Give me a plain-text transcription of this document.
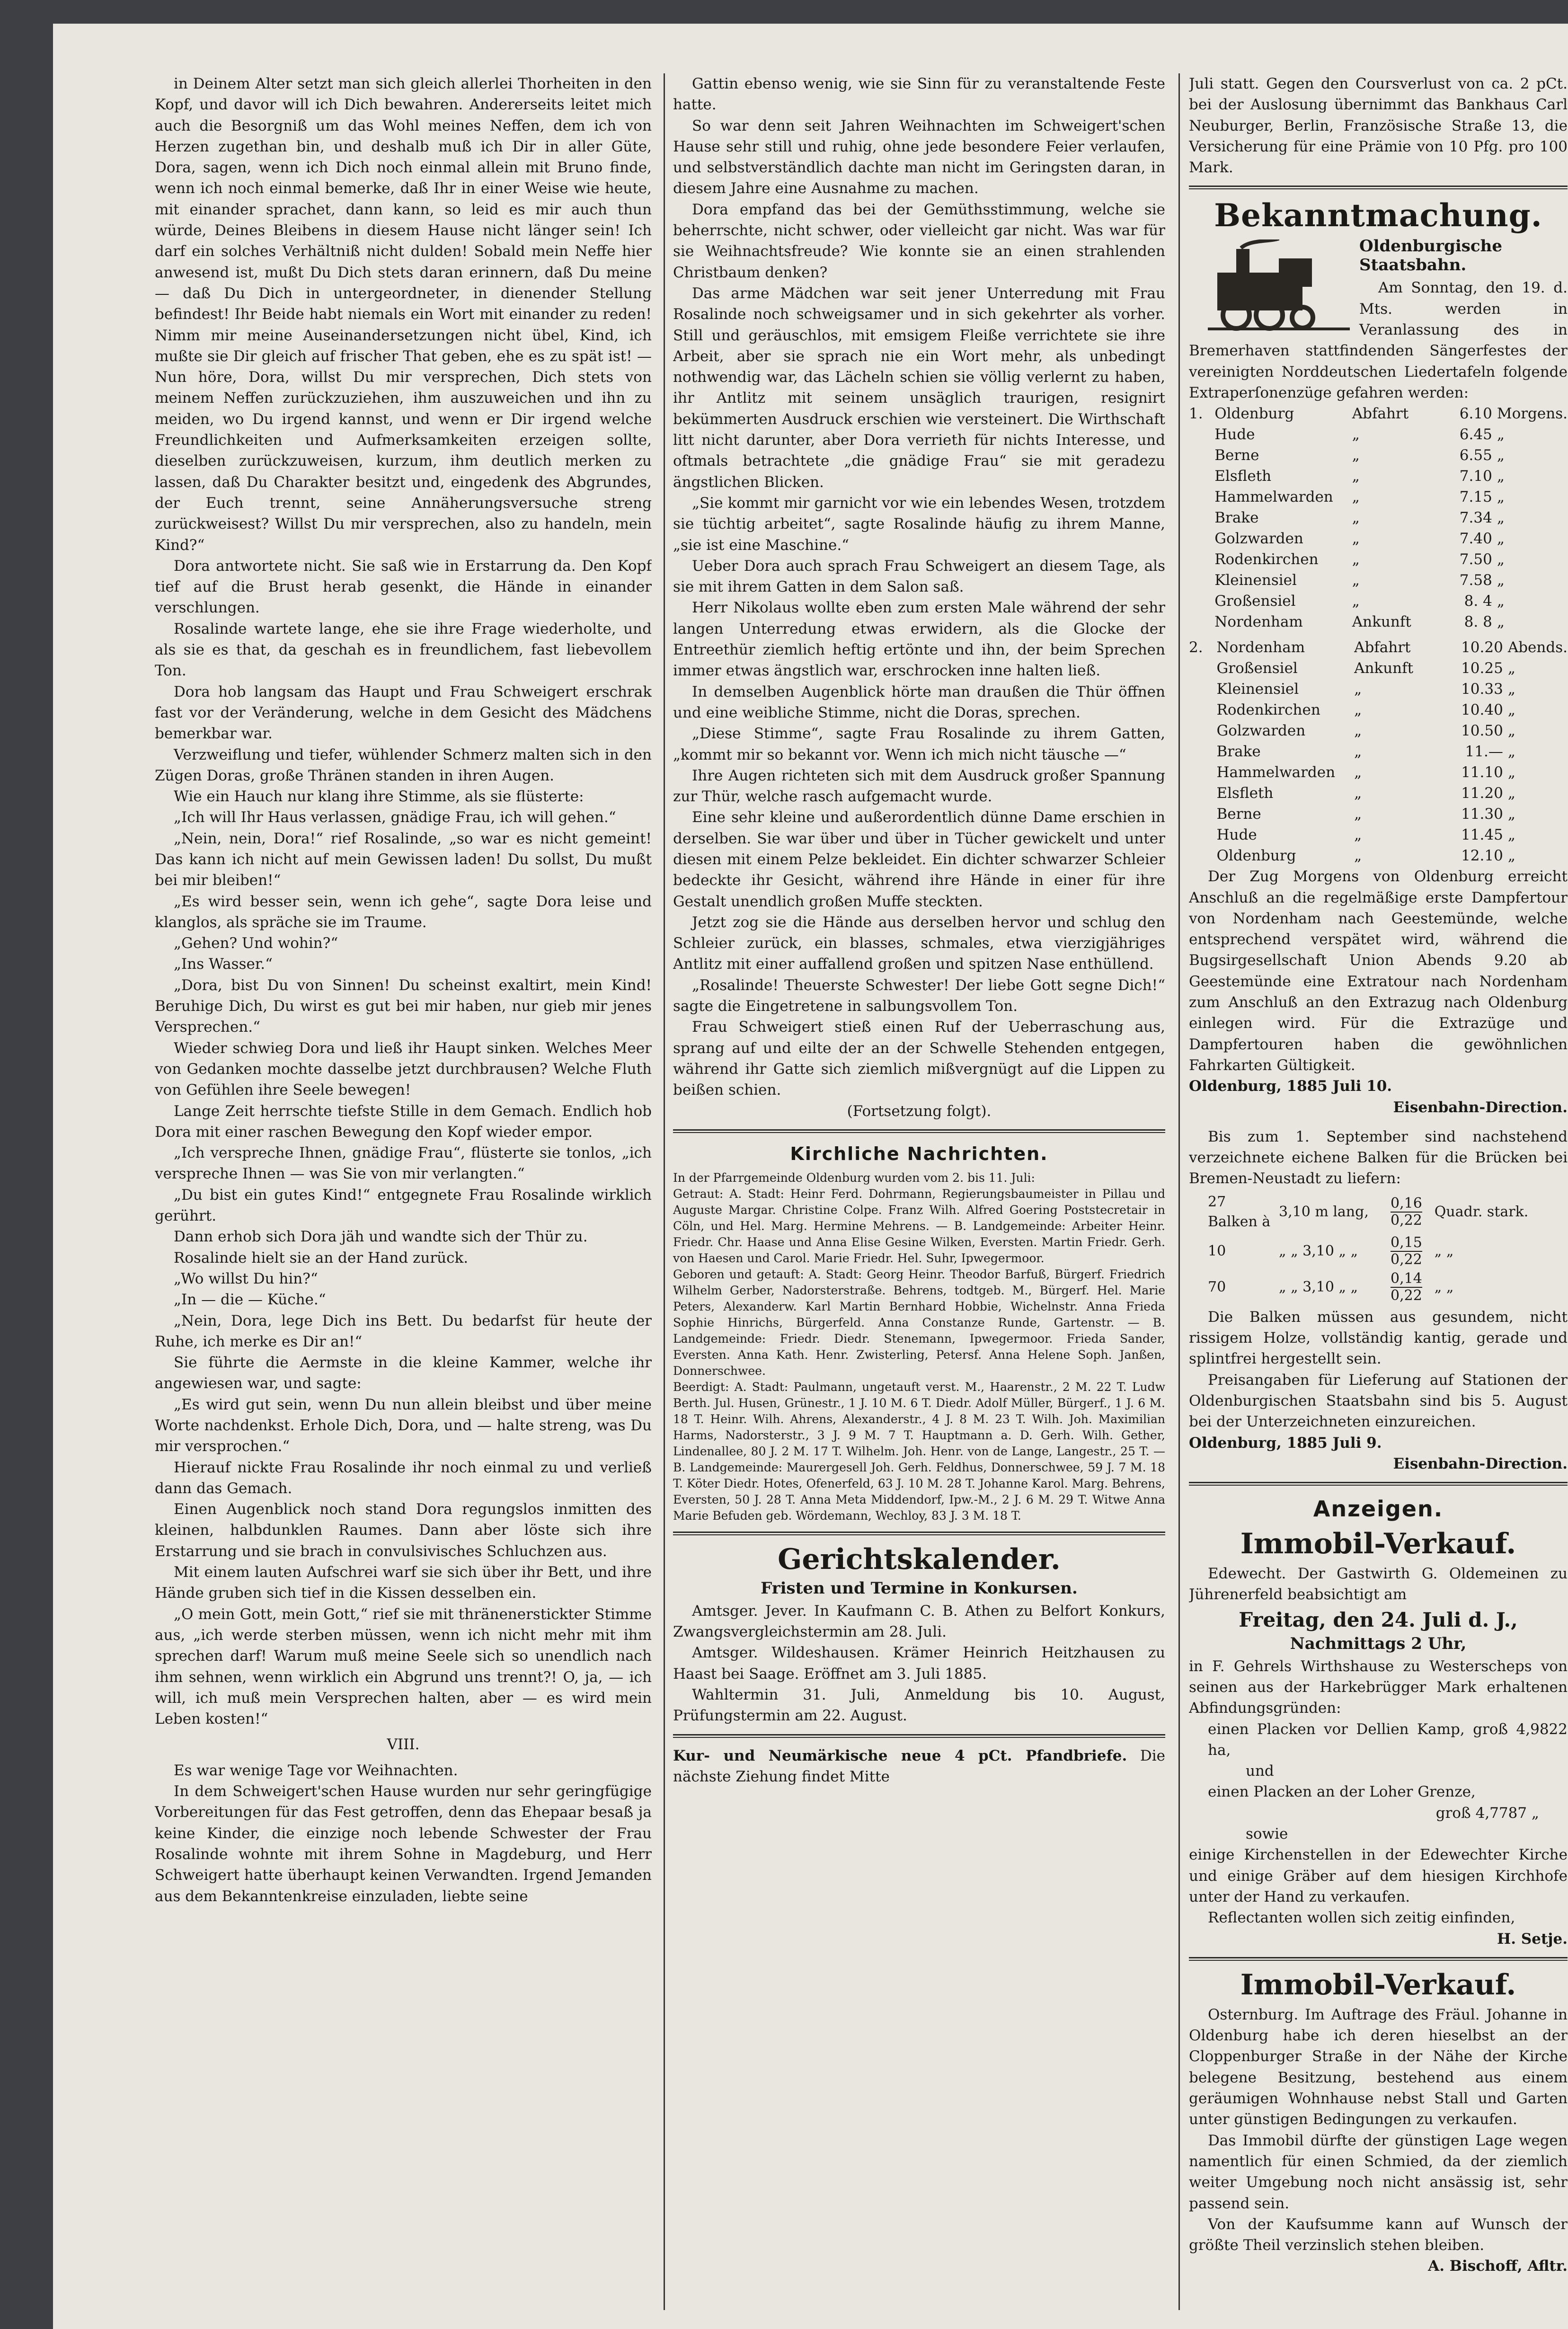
in Deinem Alter setzt man sich gleich allerlei Thorheiten in den Kopf, und davor will ich Dich bewahren. Andererseits leitet mich auch die Besorgniß um das Wohl meines Neffen, dem ich von Herzen zugethan bin, und deshalb muß ich Dir in aller Güte, Dora, sagen, wenn ich Dich noch einmal allein mit Bruno finde, wenn ich noch einmal bemerke, daß Ihr in einer Weise wie heute, mit einander sprachet, dann kann, so leid es mir auch thun würde, Deines Bleibens in diesem Hause nicht länger sein! Ich darf ein solches Verhältniß nicht dulden! Sobald mein Neffe hier anwesend ist, mußt Du Dich stets daran erinnern, daß Du meine — daß Du Dich in untergeordneter, in dienender Stellung befindest! Ihr Beide habt niemals ein Wort mit einander zu reden! Nimm mir meine Auseinandersetzungen nicht übel, Kind, ich mußte sie Dir gleich auf frischer That geben, ehe es zu spät ist! — Nun höre, Dora, willst Du mir versprechen, Dich stets von meinem Neffen zurückzuziehen, ihm auszuweichen und ihn zu meiden, wo Du irgend kannst, und wenn er Dir irgend welche Freundlichkeiten und Aufmerksamkeiten erzeigen sollte, dieselben zurückzuweisen, kurzum, ihm deutlich merken zu lassen, daß Du Charakter besitzt und, eingedenk des Abgrundes, der Euch trennt, seine Annäherungsversuche streng zurückweisest? Willst Du mir versprechen, also zu handeln, mein Kind?“

Dora antwortete nicht. Sie saß wie in Erstarrung da. Den Kopf tief auf die Brust herab gesenkt, die Hände in einander verschlungen.

Rosalinde wartete lange, ehe sie ihre Frage wiederholte, und als sie es that, da geschah es in freundlichem, fast liebevollem Ton.

Dora hob langsam das Haupt und Frau Schweigert erschrak fast vor der Veränderung, welche in dem Gesicht des Mädchens bemerkbar war.

Verzweiflung und tiefer, wühlender Schmerz malten sich in den Zügen Doras, große Thränen standen in ihren Augen.

Wie ein Hauch nur klang ihre Stimme, als sie flüsterte:

„Ich will Ihr Haus verlassen, gnädige Frau, ich will gehen.“

„Nein, nein, Dora!“ rief Rosalinde, „so war es nicht gemeint! Das kann ich nicht auf mein Gewissen laden! Du sollst, Du mußt bei mir bleiben!“

„Es wird besser sein, wenn ich gehe“, sagte Dora leise und klanglos, als spräche sie im Traume.

„Gehen? Und wohin?“

„Ins Wasser.“

„Dora, bist Du von Sinnen! Du scheinst exaltirt, mein Kind! Beruhige Dich, Du wirst es gut bei mir haben, nur gieb mir jenes Versprechen.“

Wieder schwieg Dora und ließ ihr Haupt sinken. Welches Meer von Gedanken mochte dasselbe jetzt durchbrausen? Welche Fluth von Gefühlen ihre Seele bewegen!

Lange Zeit herrschte tiefste Stille in dem Gemach. Endlich hob Dora mit einer raschen Bewegung den Kopf wieder empor.

„Ich verspreche Ihnen, gnädige Frau“, flüsterte sie tonlos, „ich verspreche Ihnen — was Sie von mir verlangten.“

„Du bist ein gutes Kind!“ entgegnete Frau Rosalinde wirklich gerührt.

Dann erhob sich Dora jäh und wandte sich der Thür zu.

Rosalinde hielt sie an der Hand zurück.

„Wo willst Du hin?“

„In — die — Küche.“

„Nein, Dora, lege Dich ins Bett. Du bedarfst für heute der Ruhe, ich merke es Dir an!“

Sie führte die Aermste in die kleine Kammer, welche ihr angewiesen war, und sagte:

„Es wird gut sein, wenn Du nun allein bleibst und über meine Worte nachdenkst. Erhole Dich, Dora, und — halte streng, was Du mir versprochen.“

Hierauf nickte Frau Rosalinde ihr noch einmal zu und verließ dann das Gemach.

Einen Augenblick noch stand Dora regungslos inmitten des kleinen, halbdunklen Raumes. Dann aber löste sich ihre Erstarrung und sie brach in convulsivisches Schluchzen aus.

Mit einem lauten Aufschrei warf sie sich über ihr Bett, und ihre Hände gruben sich tief in die Kissen desselben ein.

„O mein Gott, mein Gott,“ rief sie mit thränenerstickter Stimme aus, „ich werde sterben müssen, wenn ich nicht mehr mit ihm sprechen darf! Warum muß meine Seele sich so unendlich nach ihm sehnen, wenn wirklich ein Abgrund uns trennt?! O, ja, — ich will, ich muß mein Versprechen halten, aber — es wird mein Leben kosten!“

VIII.

Es war wenige Tage vor Weihnachten.

In dem Schweigert'schen Hause wurden nur sehr geringfügige Vorbereitungen für das Fest getroffen, denn das Ehepaar besaß ja keine Kinder, die einzige noch lebende Schwester der Frau Rosalinde wohnte mit ihrem Sohne in Magdeburg, und Herr Schweigert hatte überhaupt keinen Verwandten. Irgend Jemanden aus dem Bekanntenkreise einzuladen, liebte seine

Gattin ebenso wenig, wie sie Sinn für zu veranstaltende Feste hatte.

So war denn seit Jahren Weihnachten im Schweigert'schen Hause sehr still und ruhig, ohne jede besondere Feier verlaufen, und selbstverständlich dachte man nicht im Geringsten daran, in diesem Jahre eine Ausnahme zu machen.

Dora empfand das bei der Gemüthsstimmung, welche sie beherrschte, nicht schwer, oder vielleicht gar nicht. Was war für sie Weihnachtsfreude? Wie konnte sie an einen strahlenden Christbaum denken?

Das arme Mädchen war seit jener Unterredung mit Frau Rosalinde noch schweigsamer und in sich gekehrter als vorher. Still und geräuschlos, mit emsigem Fleiße verrichtete sie ihre Arbeit, aber sie sprach nie ein Wort mehr, als unbedingt nothwendig war, das Lächeln schien sie völlig verlernt zu haben, ihr Antlitz mit seinem unsäglich traurigen, resignirt bekümmerten Ausdruck erschien wie versteinert. Die Wirthschaft litt nicht darunter, aber Dora verrieth für nichts Interesse, und oftmals betrachtete „die gnädige Frau“ sie mit geradezu ängstlichen Blicken.

„Sie kommt mir garnicht vor wie ein lebendes Wesen, trotzdem sie tüchtig arbeitet“, sagte Rosalinde häufig zu ihrem Manne, „sie ist eine Maschine.“

Ueber Dora auch sprach Frau Schweigert an diesem Tage, als sie mit ihrem Gatten in dem Salon saß.

Herr Nikolaus wollte eben zum ersten Male während der sehr langen Unterredung etwas erwidern, als die Glocke der Entreethür ziemlich heftig ertönte und ihn, der beim Sprechen immer etwas ängstlich war, erschrocken inne halten ließ.

In demselben Augenblick hörte man draußen die Thür öffnen und eine weibliche Stimme, nicht die Doras, sprechen.

„Diese Stimme“, sagte Frau Rosalinde zu ihrem Gatten, „kommt mir so bekannt vor. Wenn ich mich nicht täusche —“

Ihre Augen richteten sich mit dem Ausdruck großer Spannung zur Thür, welche rasch aufgemacht wurde.

Eine sehr kleine und außerordentlich dünne Dame erschien in derselben. Sie war über und über in Tücher gewickelt und unter diesen mit einem Pelze bekleidet. Ein dichter schwarzer Schleier bedeckte ihr Gesicht, während ihre Hände in einer für ihre Gestalt unendlich großen Muffe steckten.

Jetzt zog sie die Hände aus derselben hervor und schlug den Schleier zurück, ein blasses, schmales, etwa vierzigjähriges Antlitz mit einer auffallend großen und spitzen Nase enthüllend.

„Rosalinde! Theuerste Schwester! Der liebe Gott segne Dich!“ sagte die Eingetretene in salbungsvollem Ton.

Frau Schweigert stieß einen Ruf der Ueberraschung aus, sprang auf und eilte der an der Schwelle Stehenden entgegen, während ihr Gatte sich ziemlich mißvergnügt auf die Lippen zu beißen schien.

(Fortsetzung folgt).

Kirchliche Nachrichten.

In der Pfarrgemeinde Oldenburg wurden vom 2. bis 11. Juli:

Getraut: A. Stadt: Heinr Ferd. Dohrmann, Regierungsbaumeister in Pillau und Auguste Margar. Christine Colpe. Franz Wilh. Alfred Goering Poststecretair in Cöln, und Hel. Marg. Hermine Mehrens. — B. Landgemeinde: Arbeiter Heinr. Friedr. Chr. Haase und Anna Elise Gesine Wilken, Eversten. Martin Friedr. Gerh. von Haesen und Carol. Marie Friedr. Hel. Suhr, Ipwegermoor.

Geboren und getauft: A. Stadt: Georg Heinr. Theodor Barfuß, Bürgerf. Friedrich Wilhelm Gerber, Nadorsterstraße. Behrens, todtgeb. M., Bürgerf. Hel. Marie Peters, Alexanderw. Karl Martin Bernhard Hobbie, Wichelnstr. Anna Frieda Sophie Hinrichs, Bürgerfeld. Anna Constanze Runde, Gartenstr. — B. Landgemeinde: Friedr. Diedr. Stenemann, Ipwegermoor. Frieda Sander, Eversten. Anna Kath. Henr. Zwisterling, Petersf. Anna Helene Soph. Janßen, Donnerschwee.

Beerdigt: A. Stadt: Paulmann, ungetauft verst. M., Haarenstr., 2 M. 22 T. Ludw Berth. Jul. Husen, Grünestr., 1 J. 10 M. 6 T. Diedr. Adolf Müller, Bürgerf., 1 J. 6 M. 18 T. Heinr. Wilh. Ahrens, Alexanderstr., 4 J. 8 M. 23 T. Wilh. Joh. Maximilian Harms, Nadorsterstr., 3 J. 9 M. 7 T. Hauptmann a. D. Gerh. Wilh. Gether, Lindenallee, 80 J. 2 M. 17 T. Wilhelm. Joh. Henr. von de Lange, Langestr., 25 T. — B. Landgemeinde: Maurergesell Joh. Gerh. Feldhus, Donnerschwee, 59 J. 7 M. 18 T. Köter Diedr. Hotes, Ofenerfeld, 63 J. 10 M. 28 T. Johanne Karol. Marg. Behrens, Eversten, 50 J. 28 T. Anna Meta Middendorf, Ipw.-M., 2 J. 6 M. 29 T. Witwe Anna Marie Befuden geb. Wördemann, Wechloy, 83 J. 3 M. 18 T.

Gerichtskalender.
Fristen und Termine in Konkursen.

Amtsger. Jever. In Kaufmann C. B. Athen zu Belfort Konkurs, Zwangsvergleichstermin am 28. Juli.

Amtsger. Wildeshausen. Krämer Heinrich Heitzhausen zu Haast bei Saage. Eröffnet am 3. Juli 1885.

Wahltermin 31. Juli, Anmeldung bis 10. August, Prüfungstermin am 22. August.

Kur- und Neumärkische neue 4 pCt. Pfandbriefe. Die nächste Ziehung findet Mitte

Juli statt. Gegen den Coursverlust von ca. 2 pCt. bei der Auslosung übernimmt das Bankhaus Carl Neuburger, Berlin, Französische Straße 13, die Versicherung für eine Prämie von 10 Pfg. pro 100 Mark.

Bekanntmachung.
Oldenburgische Staatsbahn.

Am Sonntag, den 19. d. Mts. werden in Veranlassung des in Bremerhaven stattfindenden Sängerfestes der vereinigten Norddeutschen Liedertafeln folgende Extraperſonenzüge gefahren werden:

1.	Oldenburg	Abfahrt	6.10	Morgens.
	Hude	„	6.45	„
	Berne	„	6.55	„
	Elsfleth	„	7.10	„
	Hammelwarden	„	7.15	„
	Brake	„	7.34	„
	Golzwarden	„	7.40	„
	Rodenkirchen	„	7.50	„
	Kleinensiel	„	7.58	„
	Großensiel	„	8. 4	„
	Nordenham	Ankunft	8. 8	„
2.	Nordenham	Abfahrt	10.20	Abends.
	Großensiel	Ankunft	10.25	„
	Kleinensiel	„	10.33	„
	Rodenkirchen	„	10.40	„
	Golzwarden	„	10.50	„
	Brake	„	11.—	„
	Hammelwarden	„	11.10	„
	Elsfleth	„	11.20	„
	Berne	„	11.30	„
	Hude	„	11.45	„
	Oldenburg	„	12.10	„

Der Zug Morgens von Oldenburg erreicht Anschluß an die regelmäßige erste Dampfertour von Nordenham nach Geestemünde, welche entsprechend verspätet wird, während die Bugsirgesellschaft Union Abends 9.20 ab Geestemünde eine Extratour nach Nordenham zum Anschluß an den Extrazug nach Oldenburg einlegen wird. Für die Extrazüge und Dampfertouren haben die gewöhnlichen Fahrkarten Gültigkeit.

Oldenburg, 1885 Juli 10.

Eisenbahn-Direction.

Bis zum 1. September sind nachstehend verzeichnete eichene Balken für die Brücken bei Bremen-Neustadt zu liefern:

27 Balken à
3,10 m lang,	$\frac{0,16}{0,22}$ Quadr. stark.
10	„ „ 3,10 „ „	$\frac{0,15}{0,22}$ „ „
70	„ „ 3,10 „ „	$\frac{0,14}{0,22}$ „ „

Die Balken müssen aus gesundem, nicht rissigem Holze, vollständig kantig, gerade und splintfrei hergestellt sein.

Preisangaben für Lieferung auf Stationen der Oldenburgischen Staatsbahn sind bis 5. August bei der Unterzeichneten einzureichen.

Oldenburg, 1885 Juli 9.

Eisenbahn-Direction.

Anzeigen.
Immobil-Verkauf.

Edewecht. Der Gastwirth G. Oldemeinen zu Jührenerfeld beabsichtigt am

Freitag, den 24. Juli d. J.,
Nachmittags 2 Uhr,

in F. Gehrels Wirthshause zu Westerscheps von seinen aus der Harkebrügger Mark erhaltenen Abfindungsgründen:

einen Placken vor Dellien Kamp, groß 4,9822 ha,

und

einen Placken an der Loher Grenze,

groß 4,7787 „

sowie

einige Kirchenstellen in der Edewechter Kirche und einige Gräber auf dem hiesigen Kirchhofe unter der Hand zu verkaufen.

Reflectanten wollen sich zeitig einfinden,

H. Setje.

Immobil-Verkauf.

Osternburg. Im Auftrage des Fräul. Johanne in Oldenburg habe ich deren hieselbst an der Cloppenburger Straße in der Nähe der Kirche belegene Besitzung, bestehend aus einem geräumigen Wohnhause nebst Stall und Garten unter günstigen Bedingungen zu verkaufen.

Das Immobil dürfte der günstigen Lage wegen namentlich für einen Schmied, da der ziemlich weiter Umgebung noch nicht ansässig ist, sehr passend sein.

Von der Kaufsumme kann auf Wunsch der größte Theil verzinslich stehen bleiben.

A. Bischoff, Afltr.
